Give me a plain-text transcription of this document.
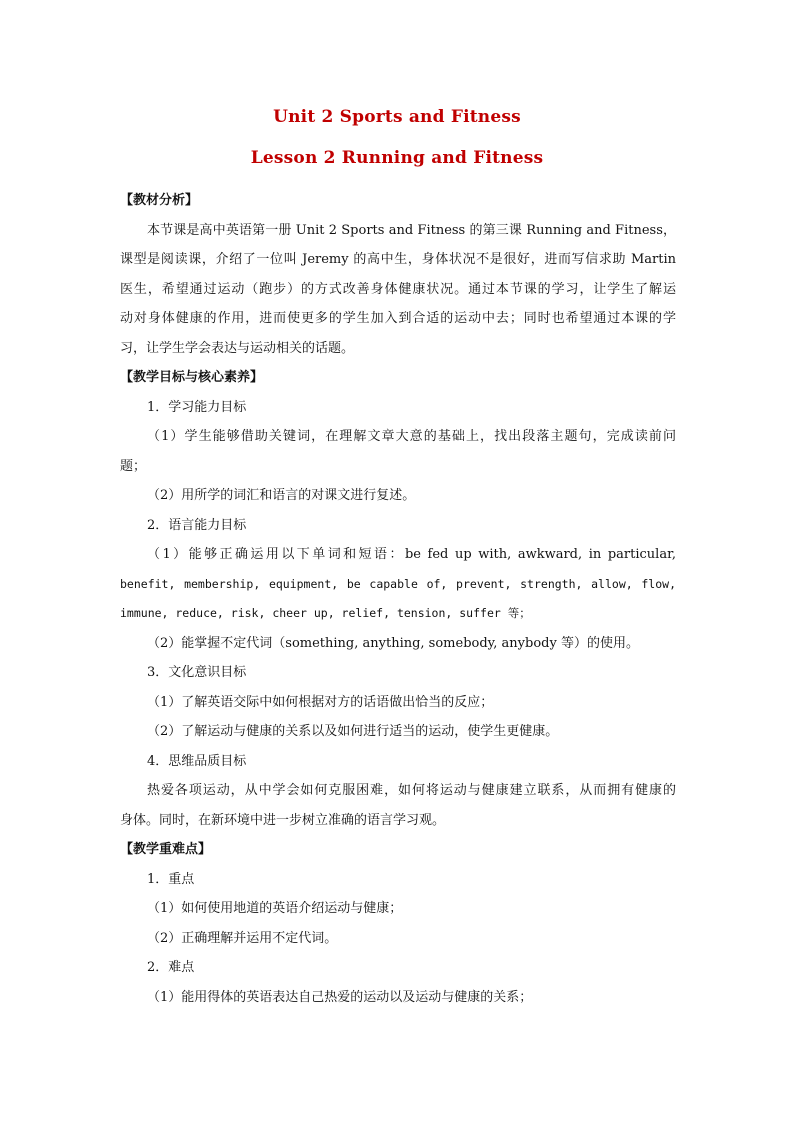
Unit 2 Sports and Fitness
Lesson 2 Running and Fitness
【教材分析】
本节课是高中英语第一册 Unit 2 Sports and Fitness 的第三课 Running and Fitness，
课型是阅读课，介绍了一位叫 Jeremy 的高中生，身体状况不是很好，进而写信求助 Martin
医生，希望通过运动（跑步）的方式改善身体健康状况。通过本节课的学习，让学生了解运
动对身体健康的作用，进而使更多的学生加入到合适的运动中去；同时也希望通过本课的学
习，让学生学会表达与运动相关的话题。
【教学目标与核心素养】
1．学习能力目标
（1）学生能够借助关键词，在理解文章大意的基础上，找出段落主题句，完成读前问
题；
（2）用所学的词汇和语言的对课文进行复述。
2．语言能力目标
（1）能够正确运用以下单词和短语：be fed up with, awkward, in particular,
benefit, membership, equipment, be capable of, prevent, strength, allow, flow,
immune, reduce, risk, cheer up, relief, tension, suffer 等；
（2）能掌握不定代词（something, anything, somebody, anybody 等）的使用。
3．文化意识目标
（1）了解英语交际中如何根据对方的话语做出恰当的反应；
（2）了解运动与健康的关系以及如何进行适当的运动，使学生更健康。
4．思维品质目标
热爱各项运动，从中学会如何克服困难，如何将运动与健康建立联系，从而拥有健康的
身体。同时，在新环境中进一步树立准确的语言学习观。
【教学重难点】
1．重点
（1）如何使用地道的英语介绍运动与健康；
（2）正确理解并运用不定代词。
2．难点
（1）能用得体的英语表达自己热爱的运动以及运动与健康的关系；
